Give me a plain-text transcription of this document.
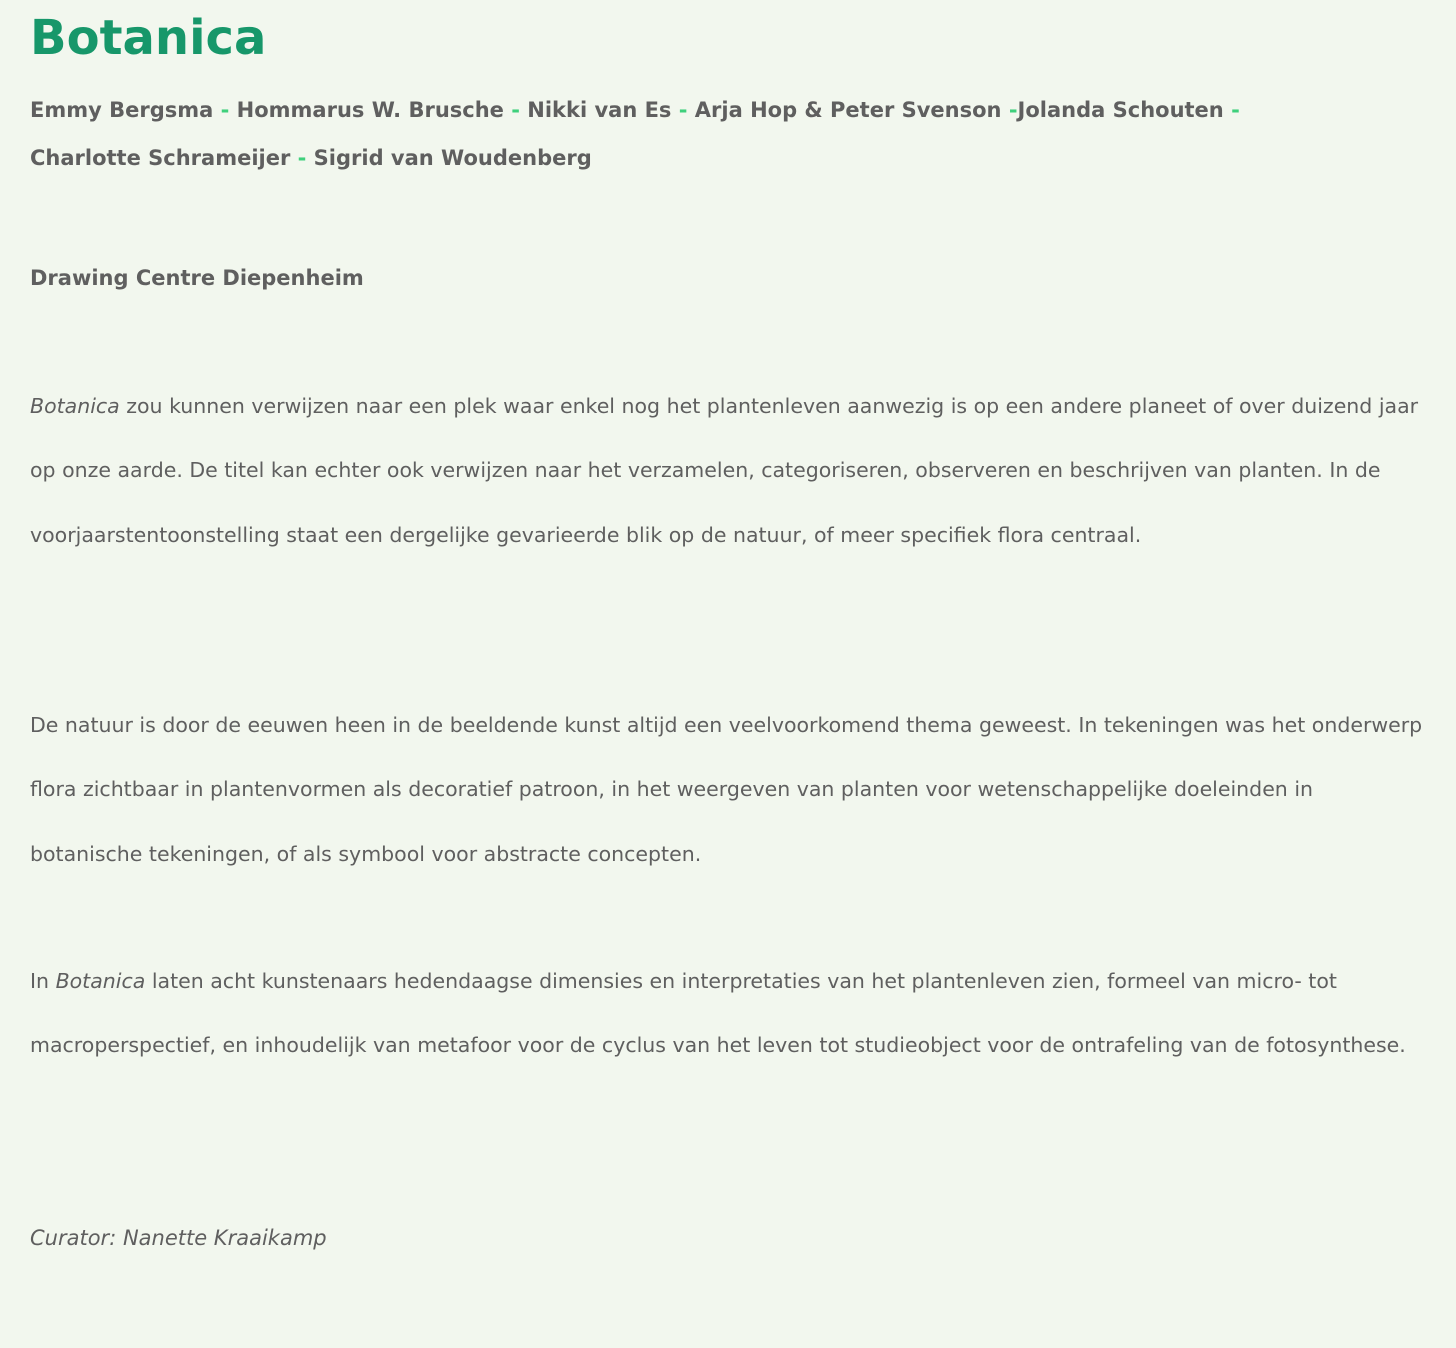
Botanica

Emmy Bergsma - Hommarus W. Brusche - Nikki van Es - Arja Hop & Peter Svenson -Jolanda Schouten -
Charlotte Schrameijer - Sigrid van Woudenberg

Drawing Centre Diepenheim

Botanica zou kunnen verwijzen naar een plek waar enkel nog het plantenleven aanwezig is op een andere planeet of over duizend jaar op onze aarde. De titel kan echter ook verwijzen naar het verzamelen, categoriseren, observeren en beschrijven van planten. In de voorjaarstentoonstelling staat een dergelijke gevarieerde blik op de natuur, of meer specifiek flora centraal.

De natuur is door de eeuwen heen in de beeldende kunst altijd een veelvoorkomend thema geweest. In tekeningen was het onderwerp flora zichtbaar in plantenvormen als decoratief patroon, in het weergeven van planten voor wetenschappelijke doeleinden in botanische tekeningen, of als symbool voor abstracte concepten.

In Botanica laten acht kunstenaars hedendaagse dimensies en interpretaties van het plantenleven zien, formeel van micro- tot macroperspectief, en inhoudelijk van metafoor voor de cyclus van het leven tot studieobject voor de ontrafeling van de fotosynthese.

Curator: Nanette Kraaikamp
